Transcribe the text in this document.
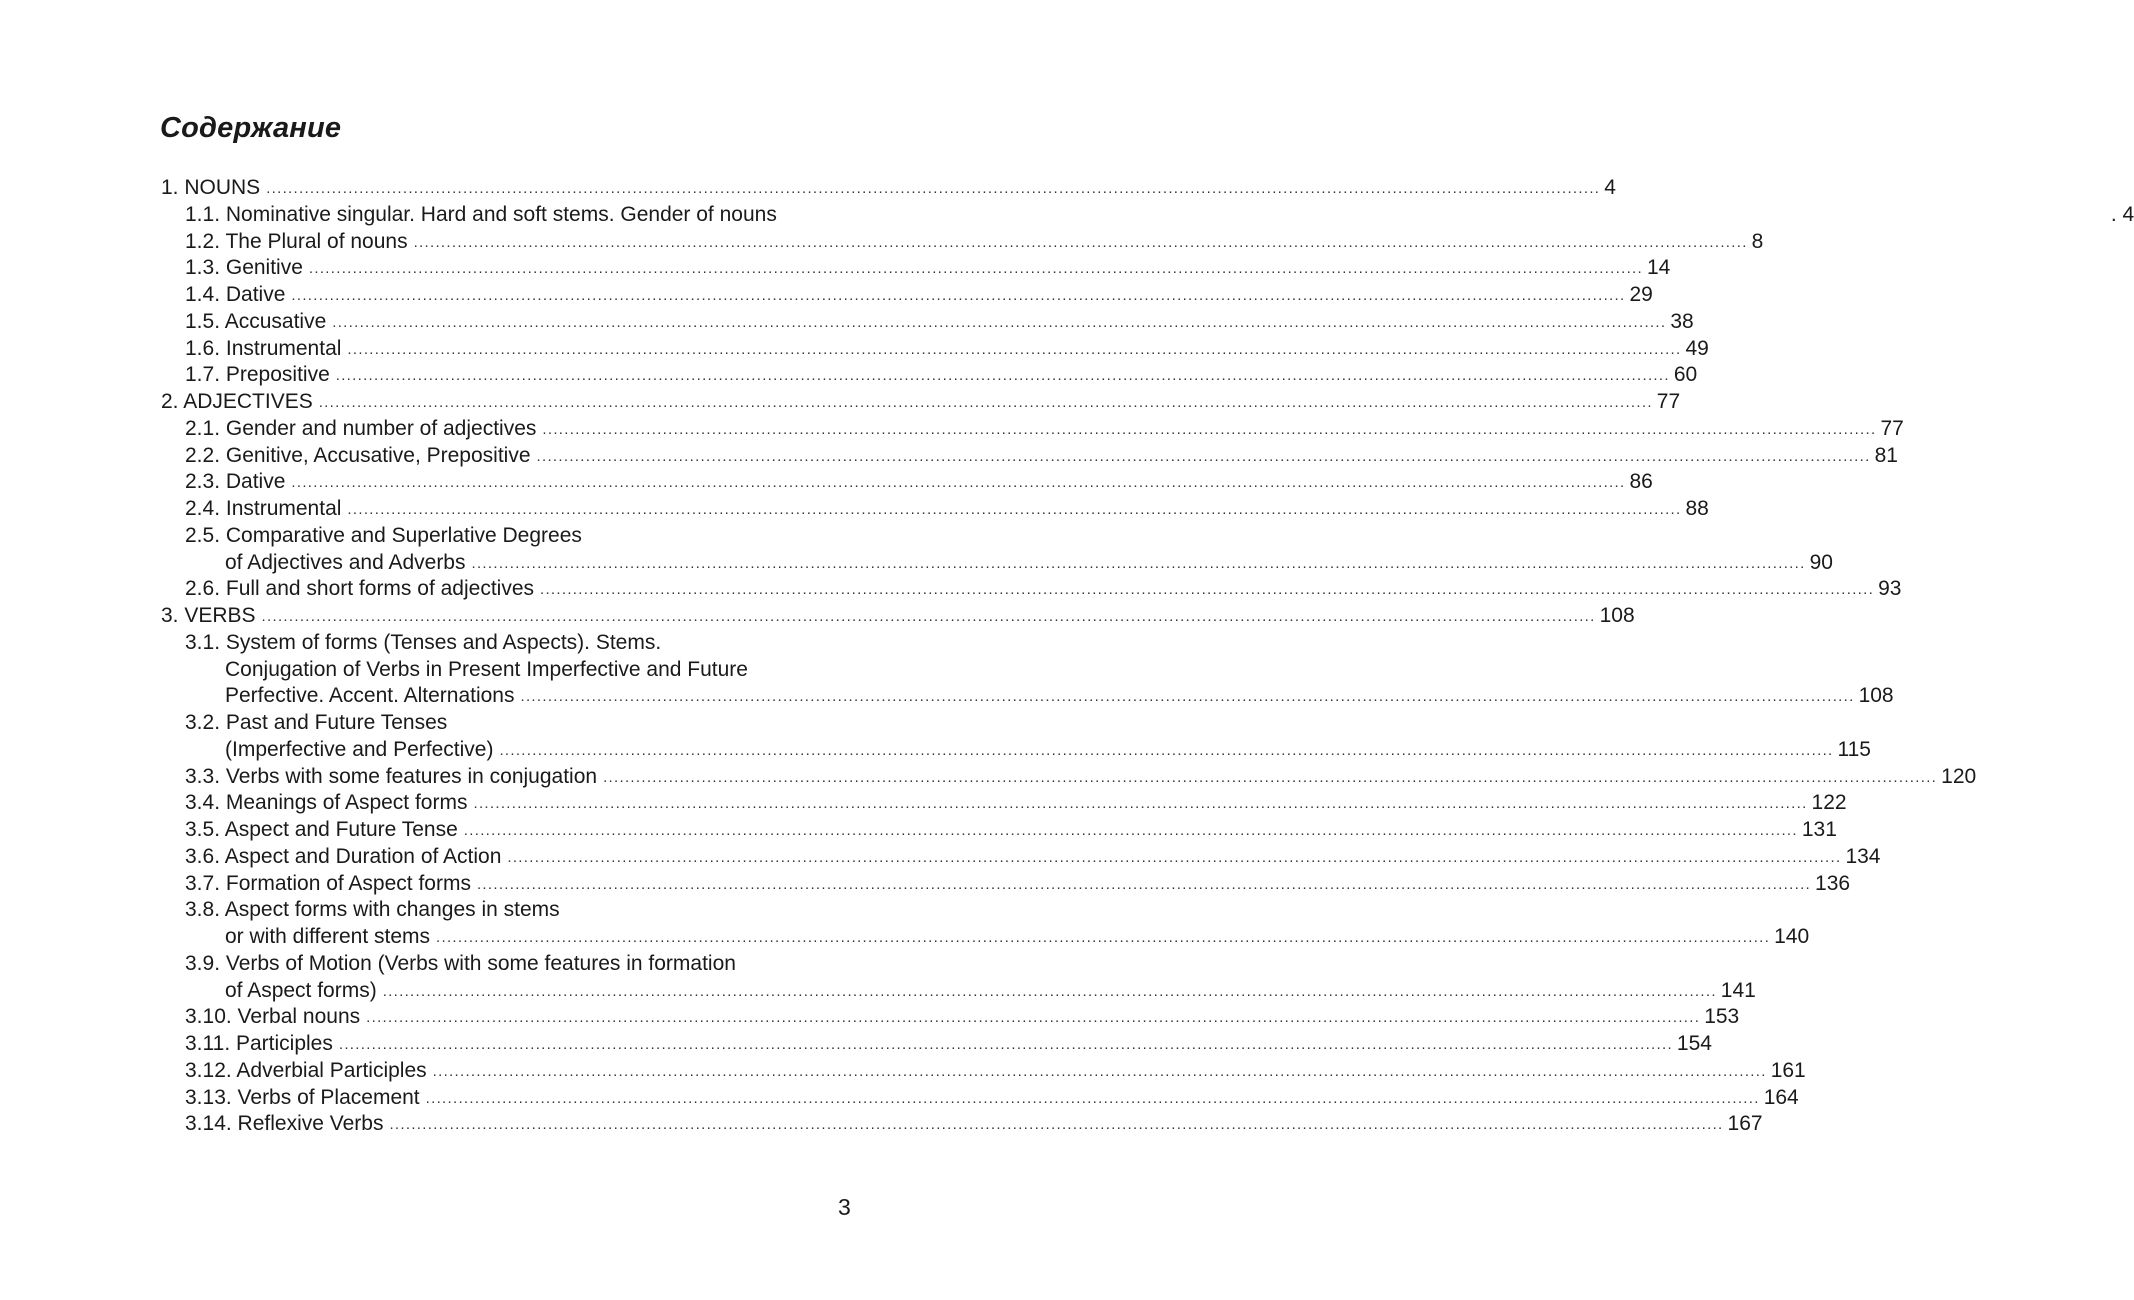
Содержание
1. NOUNS .................................................................................................................................................................................................................................................... 4
1.1. Nominative singular. Hard and soft stems. Gender of nouns	. 4
1.2. The Plural of nouns .................................................................................................................................................................................................................................................... 8
1.3. Genitive .................................................................................................................................................................................................................................................... 14
1.4. Dative .................................................................................................................................................................................................................................................... 29
1.5. Accusative .................................................................................................................................................................................................................................................... 38
1.6. Instrumental .................................................................................................................................................................................................................................................... 49
1.7. Prepositive .................................................................................................................................................................................................................................................... 60
2. ADJECTIVES .................................................................................................................................................................................................................................................... 77
2.1. Gender and number of adjectives .................................................................................................................................................................................................................................................... 77
2.2. Genitive, Accusative, Prepositive .................................................................................................................................................................................................................................................... 81
2.3. Dative .................................................................................................................................................................................................................................................... 86
2.4. Instrumental .................................................................................................................................................................................................................................................... 88
2.5. Comparative and Superlative Degrees
of Adjectives and Adverbs .................................................................................................................................................................................................................................................... 90
2.6. Full and short forms of adjectives .................................................................................................................................................................................................................................................... 93
3. VERBS .................................................................................................................................................................................................................................................... 108
3.1. System of forms (Tenses and Aspects). Stems.
Conjugation of Verbs in Present Imperfective and Future
Perfective. Accent. Alternations .................................................................................................................................................................................................................................................... 108
3.2. Past and Future Tenses
(Imperfective and Perfective) .................................................................................................................................................................................................................................................... 115
3.3. Verbs with some features in conjugation .................................................................................................................................................................................................................................................... 120
3.4. Meanings of Aspect forms .................................................................................................................................................................................................................................................... 122
3.5. Aspect and Future Tense .................................................................................................................................................................................................................................................... 131
3.6. Aspect and Duration of Action .................................................................................................................................................................................................................................................... 134
3.7. Formation of Aspect forms .................................................................................................................................................................................................................................................... 136
3.8. Aspect forms with changes in stems
or with different stems .................................................................................................................................................................................................................................................... 140
3.9. Verbs of Motion (Verbs with some features in formation
of Aspect forms) .................................................................................................................................................................................................................................................... 141
3.10. Verbal nouns .................................................................................................................................................................................................................................................... 153
3.11. Participles .................................................................................................................................................................................................................................................... 154
3.12. Adverbial Participles .................................................................................................................................................................................................................................................... 161
3.13. Verbs of Placement .................................................................................................................................................................................................................................................... 164
3.14. Reflexive Verbs .................................................................................................................................................................................................................................................... 167
3
